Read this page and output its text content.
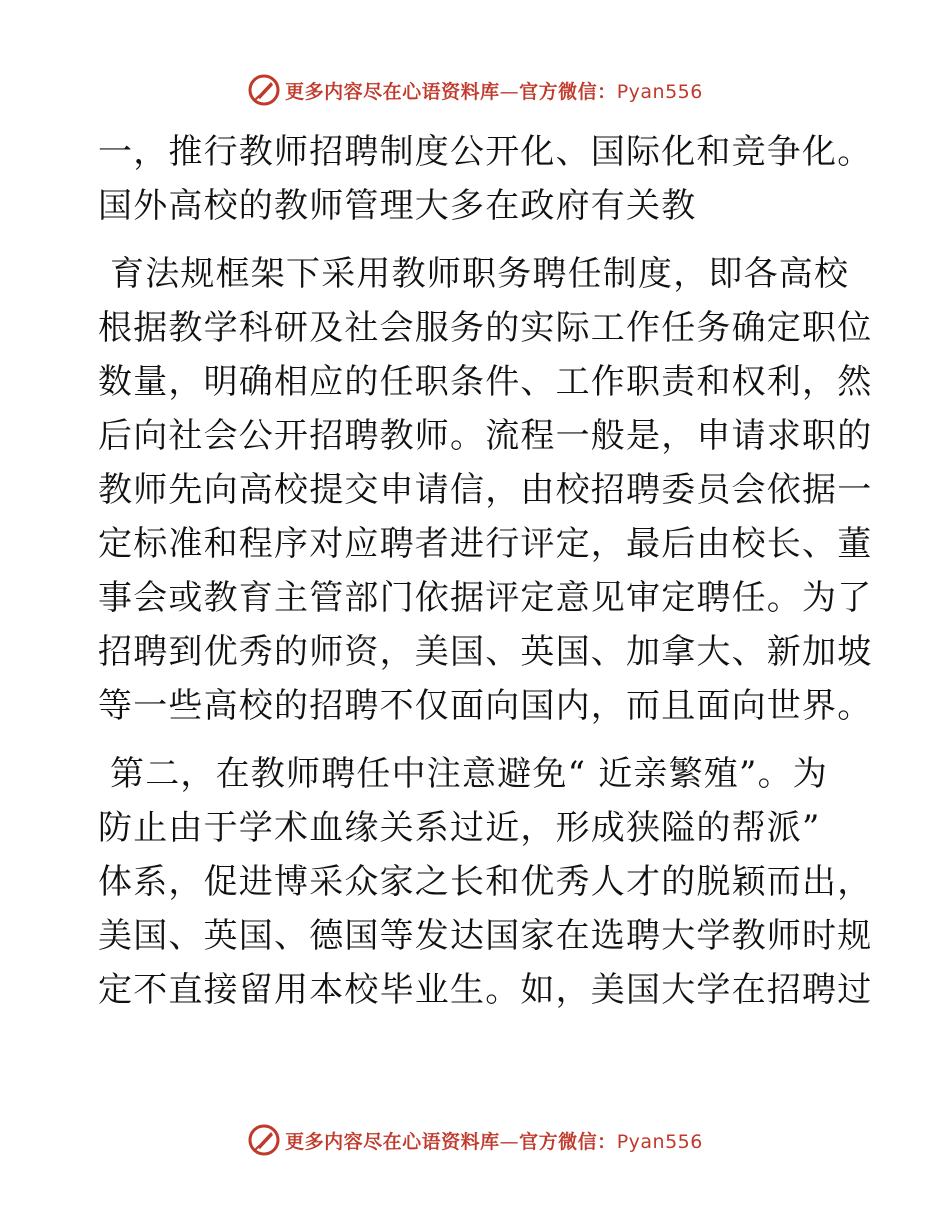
更多内容尽在心语资料库—官方微信：Pyan556

一，推行教师招聘制度公开化、国际化和竞争化。
国外高校的教师管理大多在政府有关教

育法规框架下采用教师职务聘任制度，即各高校
根据教学科研及社会服务的实际工作任务确定职位
数量，明确相应的任职条件、工作职责和权利，然
后向社会公开招聘教师。流程一般是，申请求职的
教师先向高校提交申请信，由校招聘委员会依据一
定标准和程序对应聘者进行评定，最后由校长、董
事会或教育主管部门依据评定意见审定聘任。为了
招聘到优秀的师资，美国、英国、加拿大、新加坡
等一些高校的招聘不仅面向国内，而且面向世界。

第二，在教师聘任中注意避免“ 近亲繁殖”。为
防止由于学术血缘关系过近，形成狭隘的帮派”
体系，促进博采众家之长和优秀人才的脱颖而出，
美国、英国、德国等发达国家在选聘大学教师时规
定不直接留用本校毕业生。如，美国大学在招聘过

更多内容尽在心语资料库—官方微信：Pyan556
